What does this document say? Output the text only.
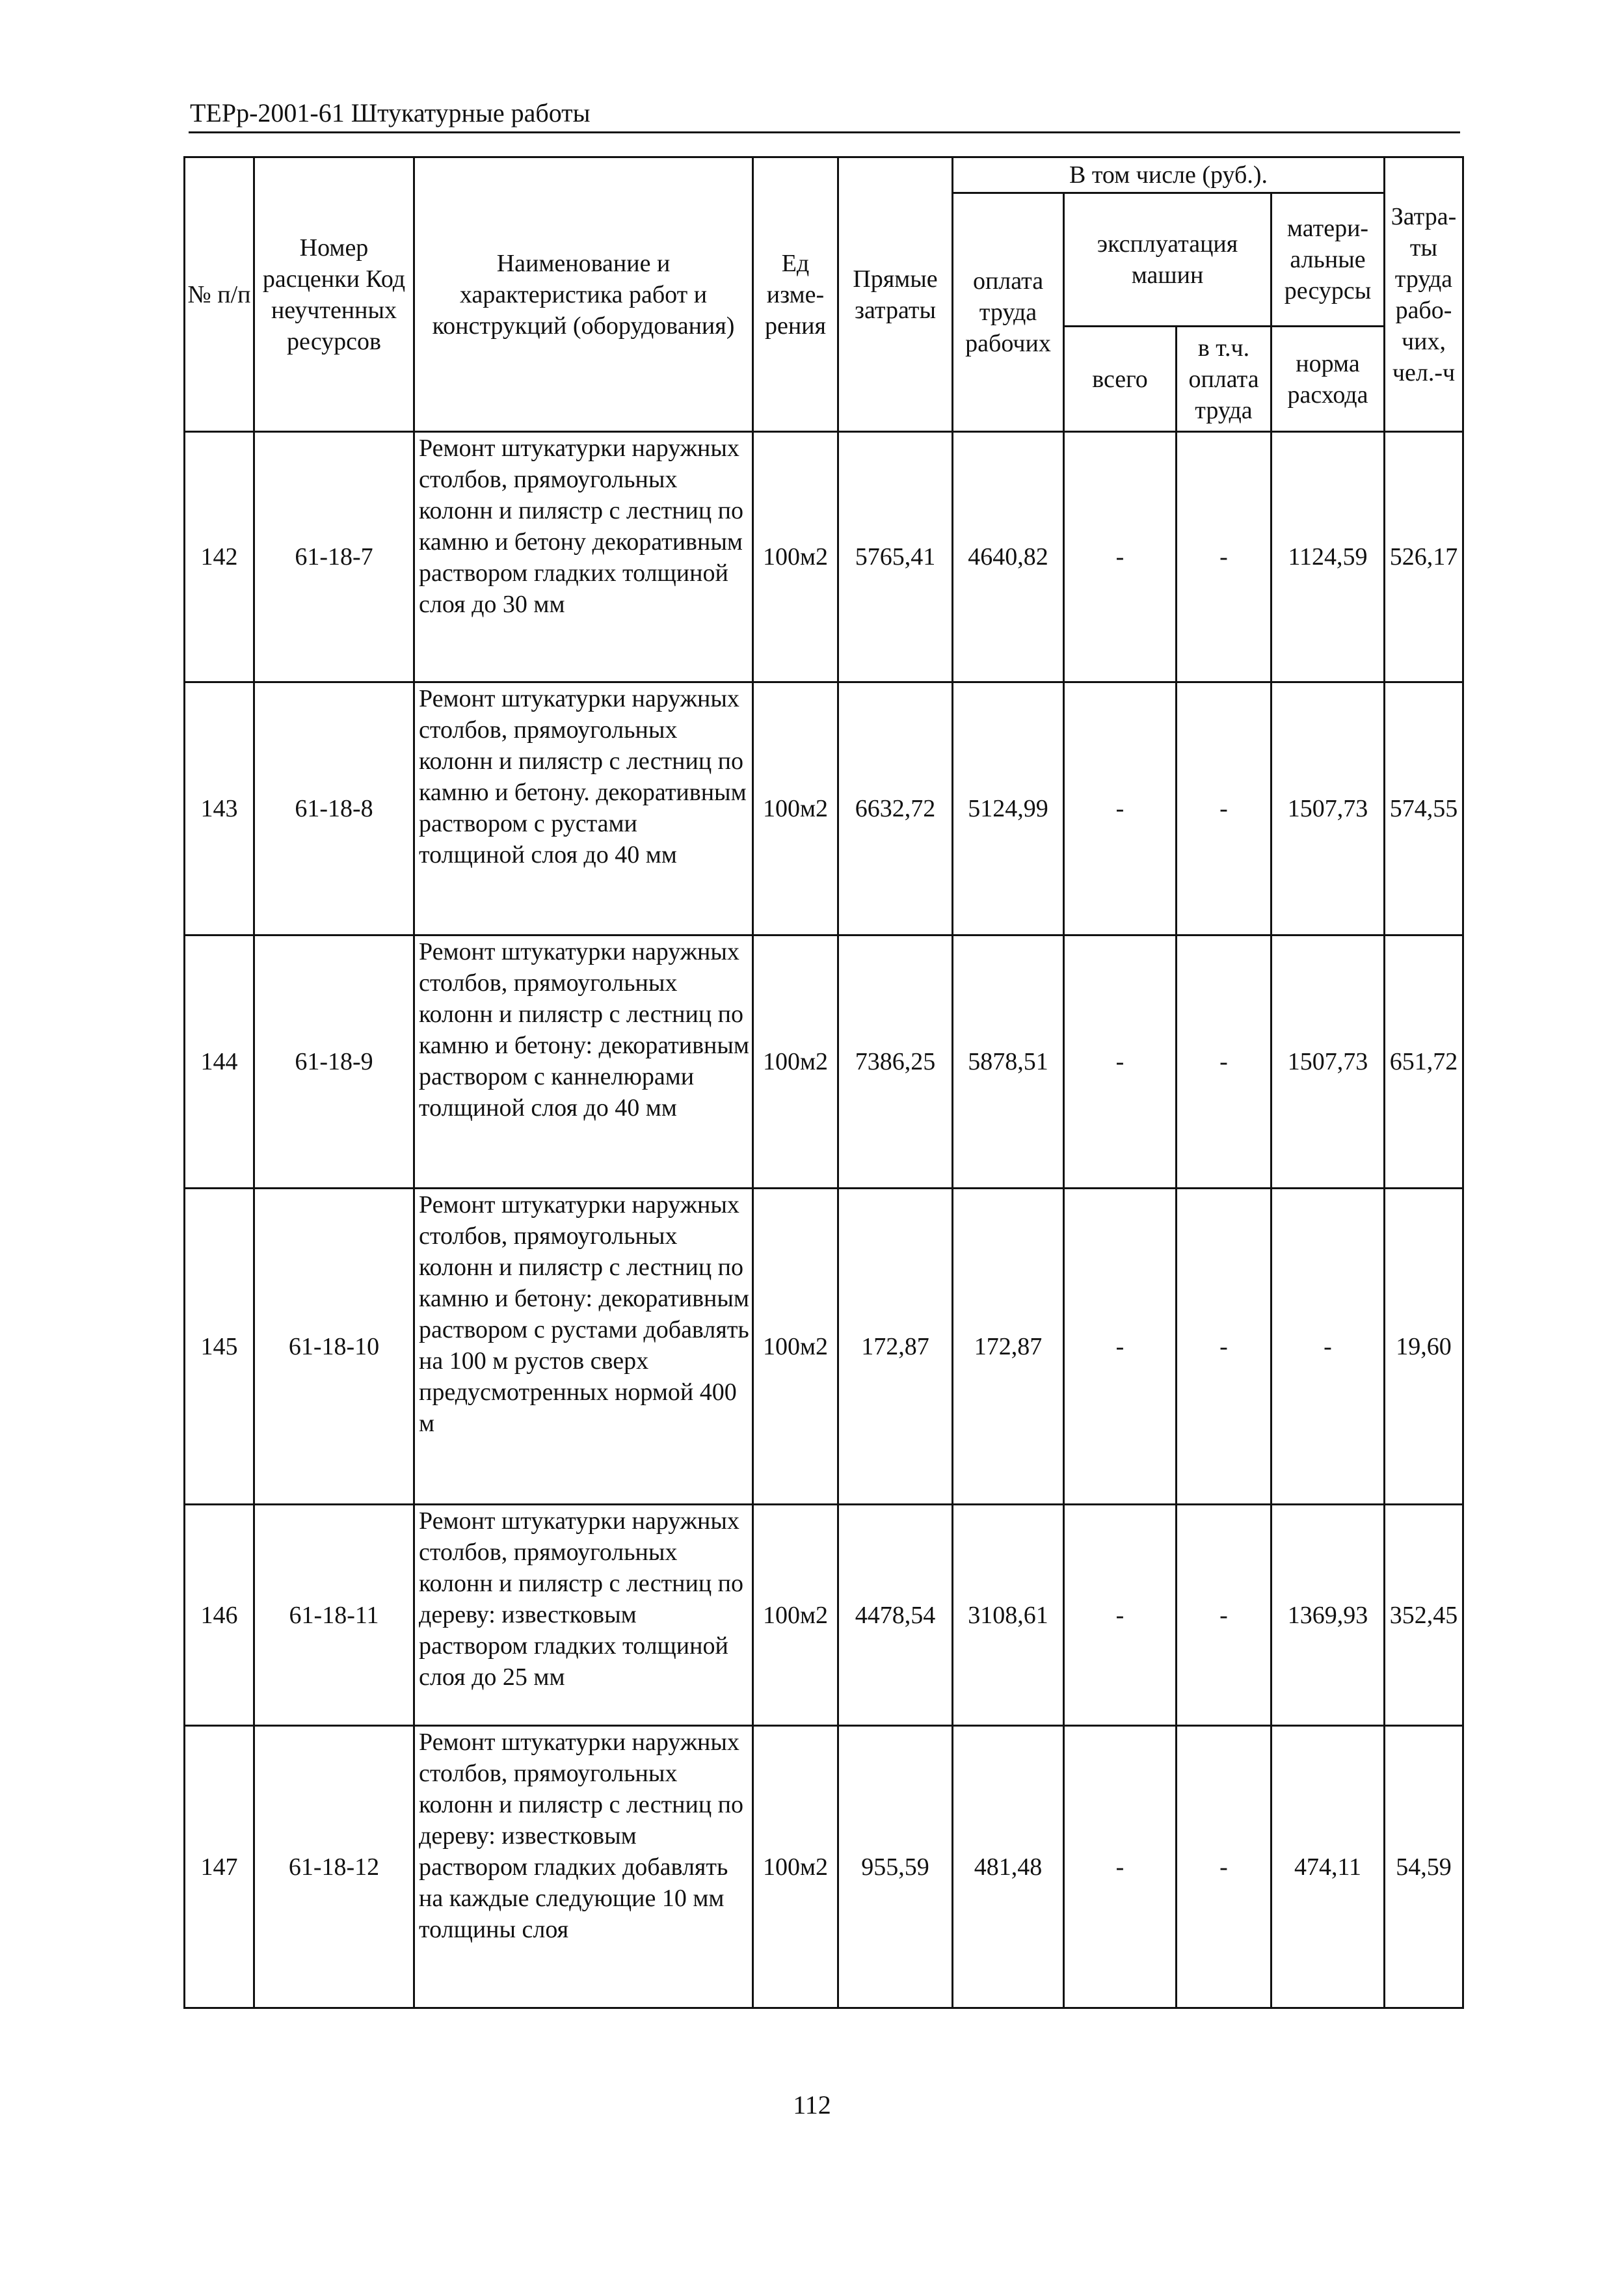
ТЕРр-2001-61 Штукатурные работы
№ п/п	Номер расценки Код неучтенных ресурсов	Наименование и характеристика работ и конструкций (оборудования)	Ед изме-рения	Прямые затраты	В том числе (руб.).				Затра-ты труда рабо-чих, чел.-ч
					оплата труда рабочих	эксплуатация машин		матери-альные ресурсы	
						всего	в т.ч. оплата труда	норма расхода	
142	61-18-7	Ремонт штукатурки наружных столбов, прямоугольных колонн и пилястр с лестниц по камню и бетону декоративным раствором гладких толщиной слоя до 30 мм	100м2	5765,41	4640,82	-	-	1124,59	526,17
143	61-18-8	Ремонт штукатурки наружных столбов, прямоугольных колонн и пилястр с лестниц по камню и бетону. декоративным раствором с рустами толщиной слоя до 40 мм	100м2	6632,72	5124,99	-	-	1507,73	574,55
144	61-18-9	Ремонт штукатурки наружных столбов, прямоугольных колонн и пилястр с лестниц по камню и бетону: декоративным раствором с каннелюрами толщиной слоя до 40 мм	100м2	7386,25	5878,51	-	-	1507,73	651,72
145	61-18-10	Ремонт штукатурки наружных столбов, прямоугольных колонн и пилястр с лестниц по камню и бетону: декоративным раствором с рустами добавлять на 100 м рустов сверх предусмотренных нормой 400 м	100м2	172,87	172,87	-	-	-	19,60
146	61-18-11	Ремонт штукатурки наружных столбов, прямоугольных колонн и пилястр с лестниц по дереву: известковым раствором гладких толщиной слоя до 25 мм	100м2	4478,54	3108,61	-	-	1369,93	352,45
147	61-18-12	Ремонт штукатурки наружных столбов, прямоугольных колонн и пилястр с лестниц по дереву: известковым раствором гладких добавлять на каждые следующие 10 мм толщины слоя	100м2	955,59	481,48	-	-	474,11	54,59
112
